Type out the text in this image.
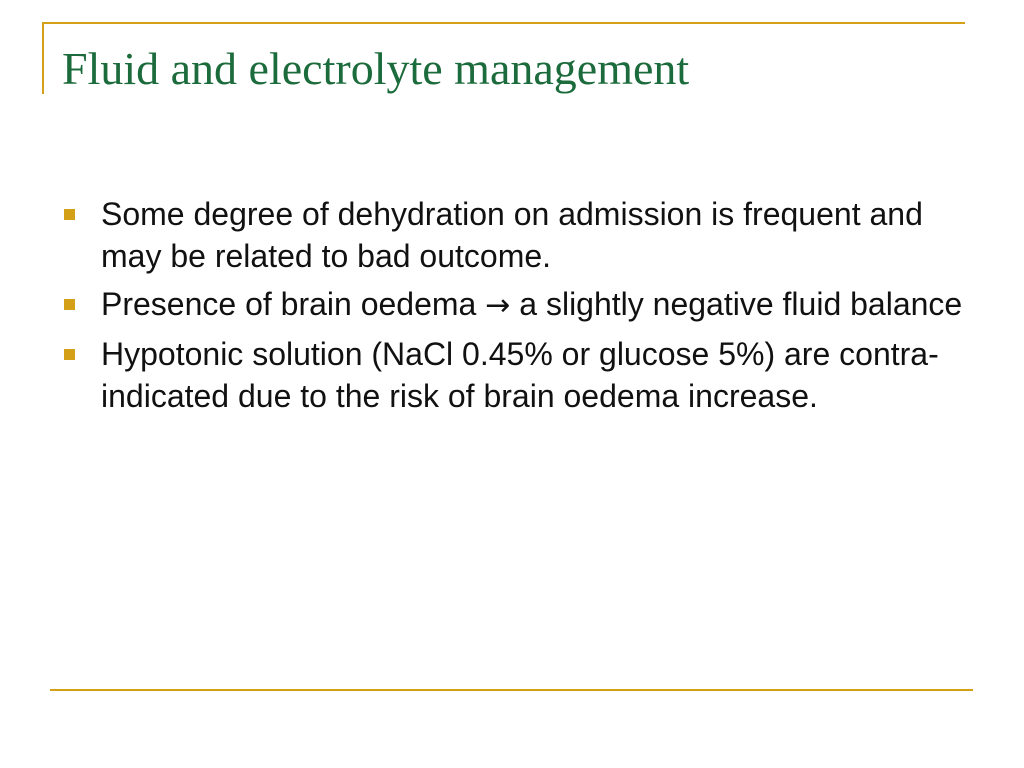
Fluid and electrolyte management
Some degree of dehydration on admission is frequent and may be related to bad outcome.
Presence of brain oedema → a slightly negative fluid balance
Hypotonic solution (NaCl 0.45% or glucose 5%) are contra-indicated due to the risk of brain oedema increase.
